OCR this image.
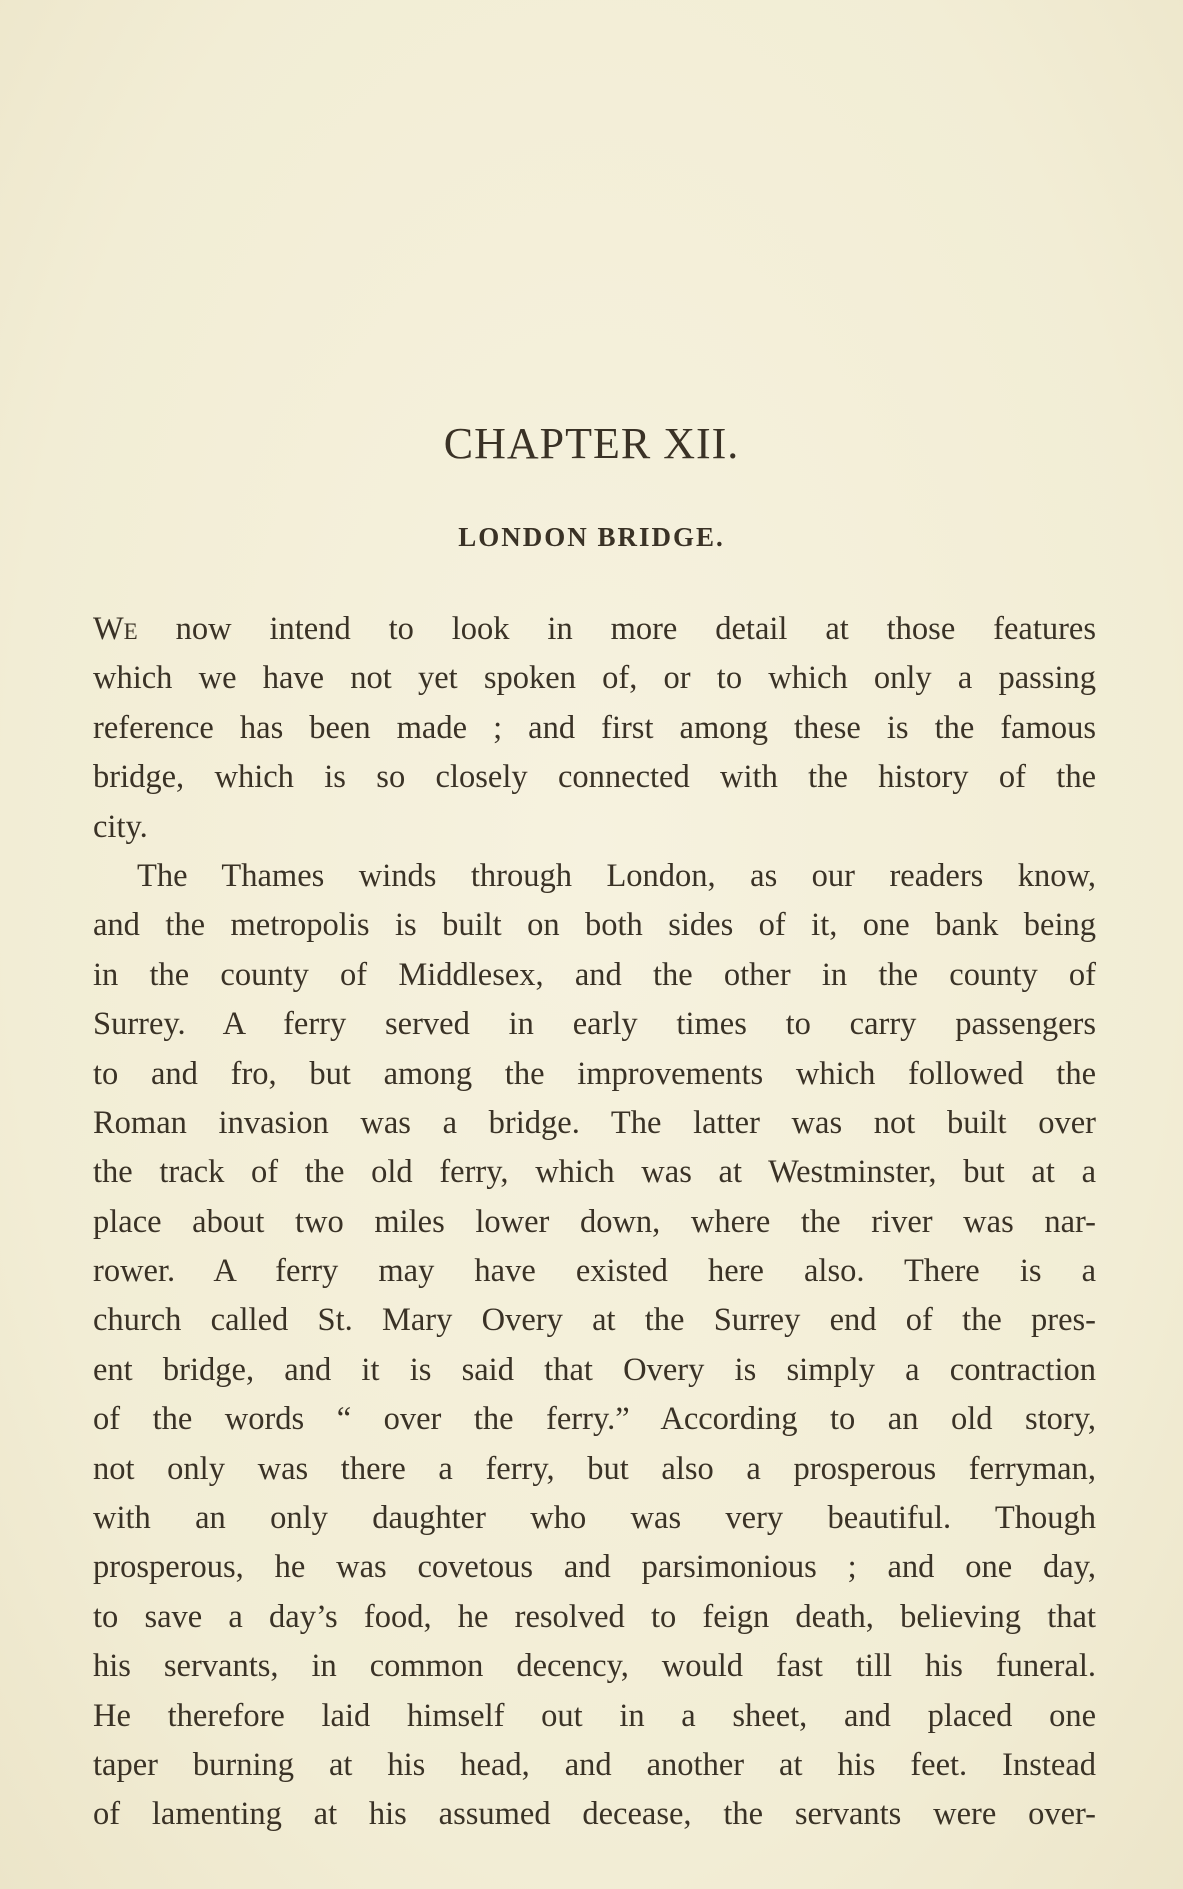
CHAPTER XII.
LONDON BRIDGE.
We now intend to look in more detail at those features
which we have not yet spoken of, or to which only a passing
reference has been made ; and first among these is the famous
bridge, which is so closely connected with the history of the
city.
The Thames winds through London, as our readers know,
and the metropolis is built on both sides of it, one bank being
in the county of Middlesex, and the other in the county of
Surrey. A ferry served in early times to carry passengers
to and fro, but among the improvements which followed the
Roman invasion was a bridge. The latter was not built over
the track of the old ferry, which was at Westminster, but at a
place about two miles lower down, where the river was nar-
rower. A ferry may have existed here also. There is a
church called St. Mary Overy at the Surrey end of the pres-
ent bridge, and it is said that Overy is simply a contraction
of the words “ over the ferry.” According to an old story,
not only was there a ferry, but also a prosperous ferryman,
with an only daughter who was very beautiful. Though
prosperous, he was covetous and parsimonious ; and one day,
to save a day’s food, he resolved to feign death, believing that
his servants, in common decency, would fast till his funeral.
He therefore laid himself out in a sheet, and placed one
taper burning at his head, and another at his feet. Instead
of lamenting at his assumed decease, the servants were over-
